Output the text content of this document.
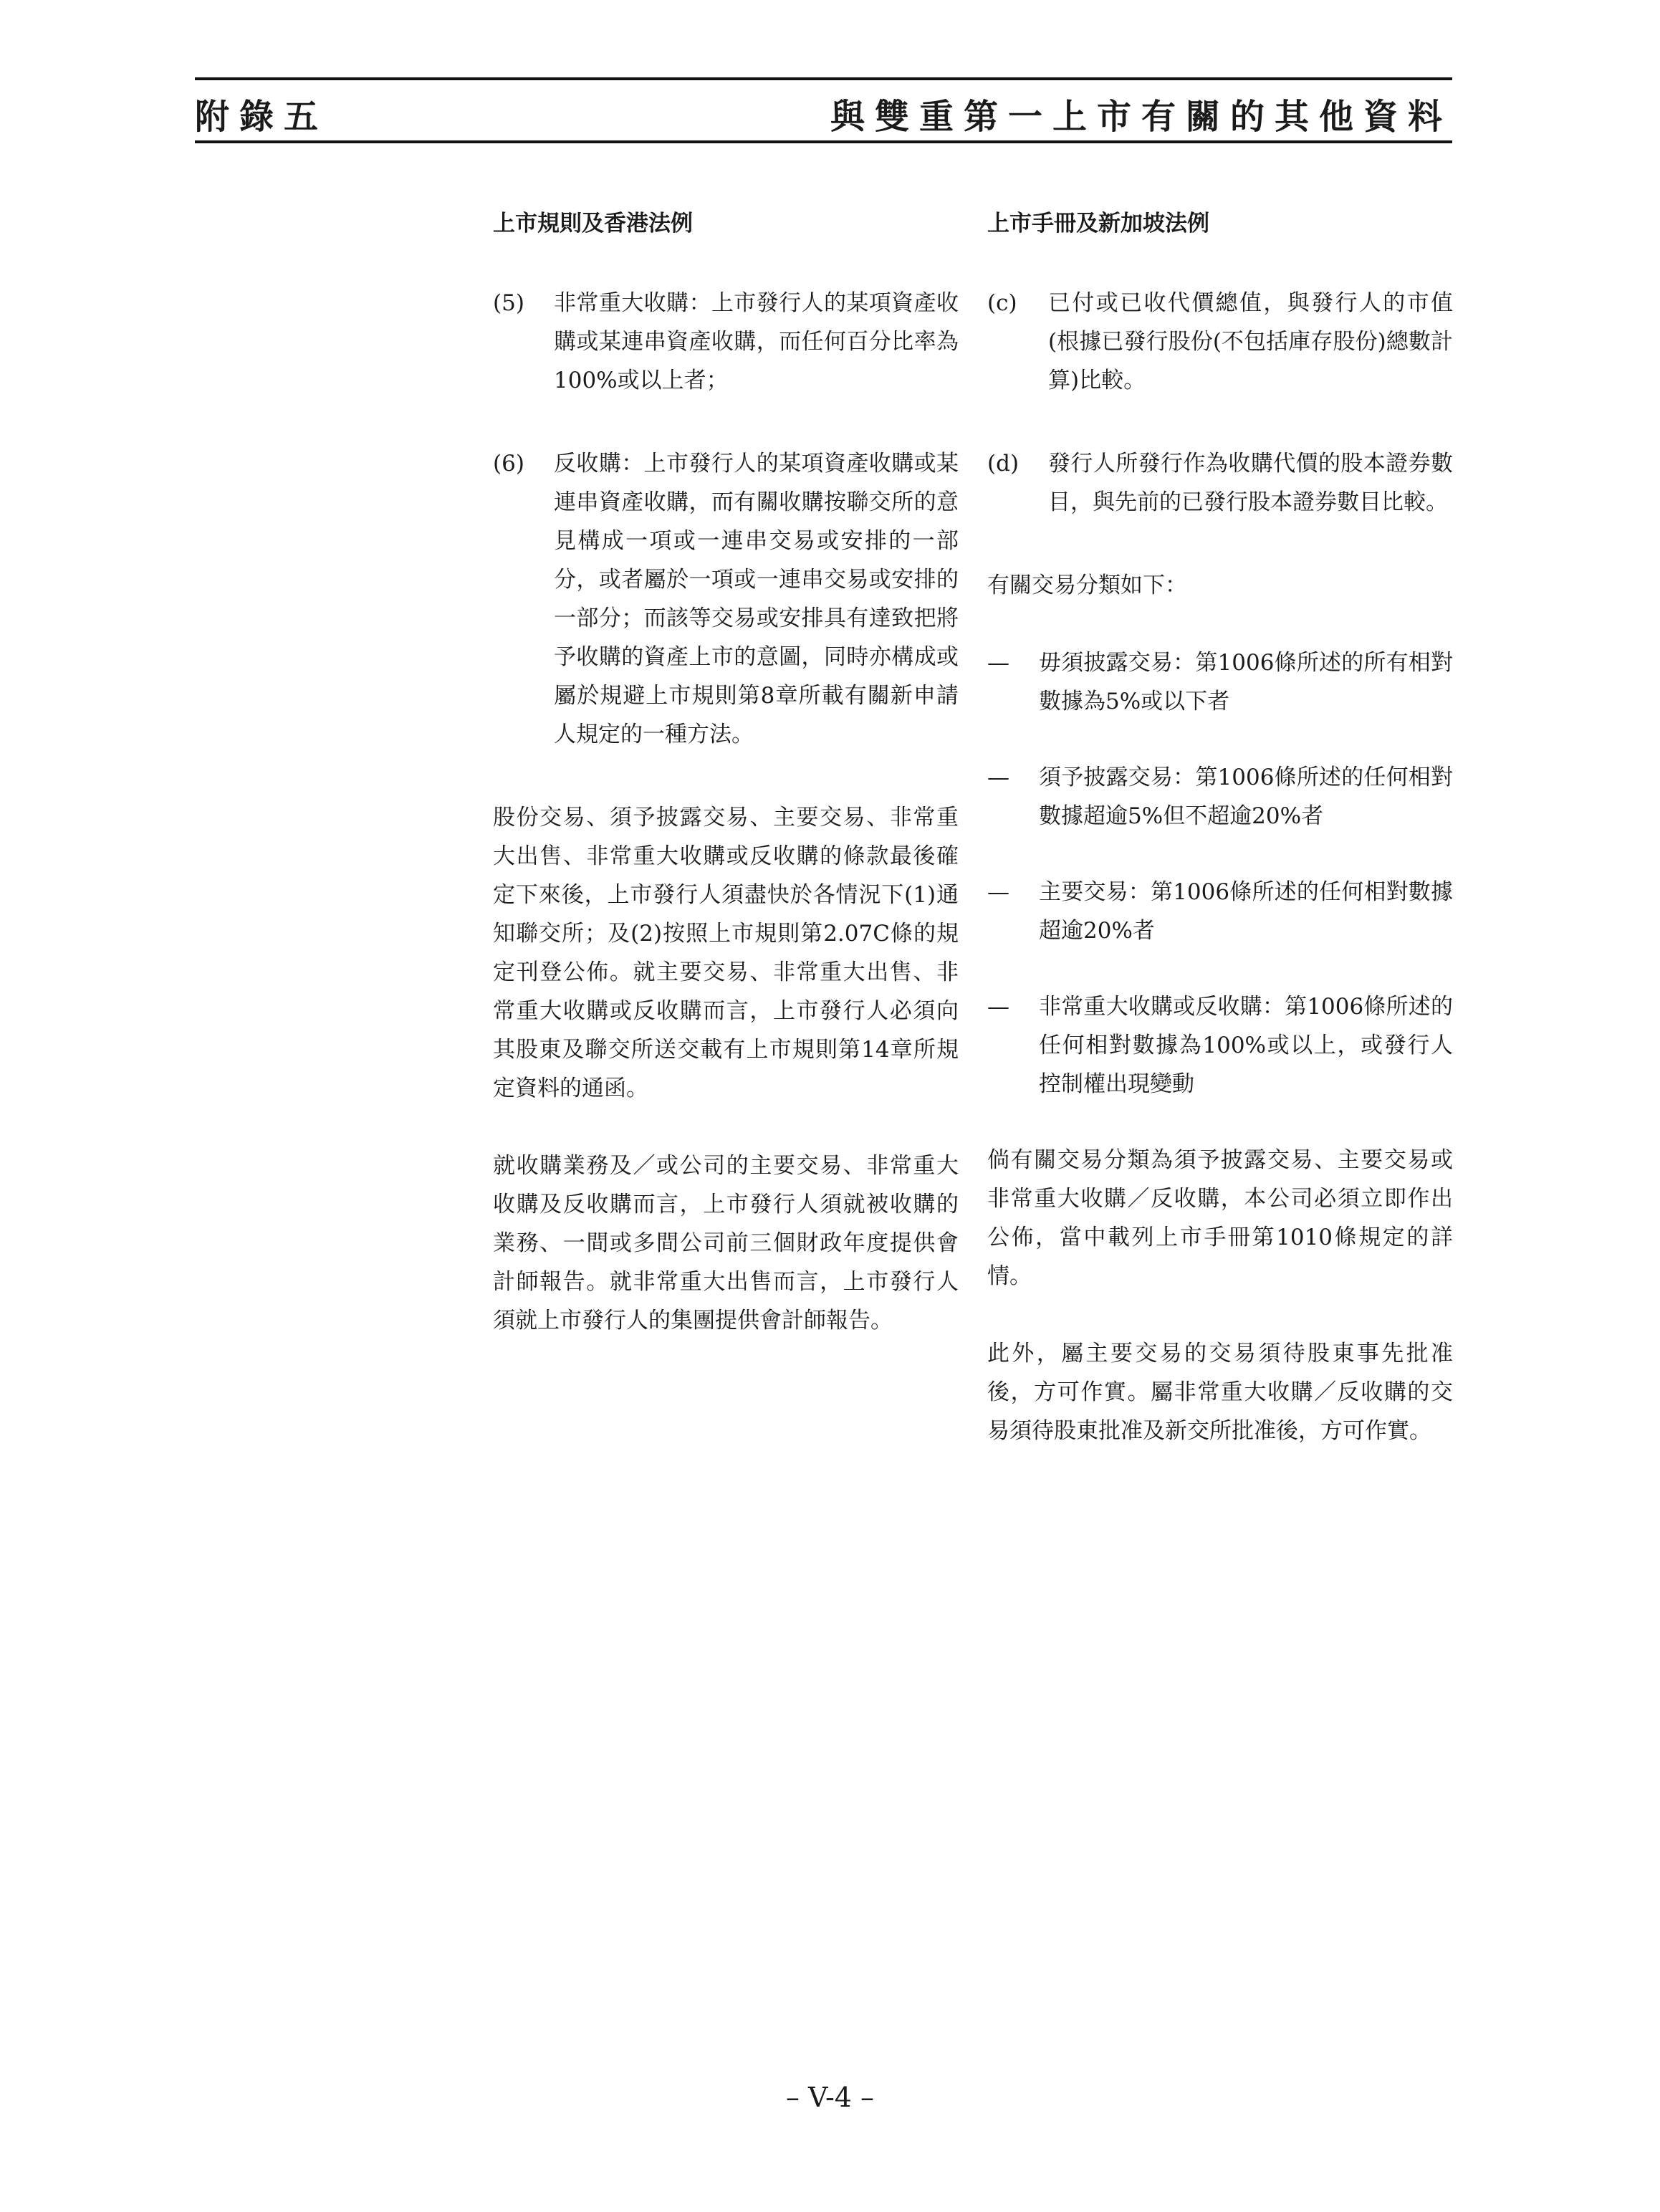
附錄五	與雙重第一上市有關的其他資料
上市規則及香港法例
(5) 非常重大收購：上市發行人的某項資產收購或某連串資產收購，而任何百分比率為100%或以上者；
(6) 反收購：上市發行人的某項資產收購或某連串資產收購，而有關收購按聯交所的意見構成一項或一連串交易或安排的一部分，或者屬於一項或一連串交易或安排的一部分；而該等交易或安排具有達致把將予收購的資產上市的意圖，同時亦構成或屬於規避上市規則第8章所載有關新申請人規定的一種方法。
股份交易、須予披露交易、主要交易、非常重大出售、非常重大收購或反收購的條款最後確定下來後，上市發行人須盡快於各情況下(1)通知聯交所；及(2)按照上市規則第2.07C條的規定刊登公佈。就主要交易、非常重大出售、非常重大收購或反收購而言，上市發行人必須向其股東及聯交所送交載有上市規則第14章所規定資料的通函。
就收購業務及／或公司的主要交易、非常重大收購及反收購而言，上市發行人須就被收購的業務、一間或多間公司前三個財政年度提供會計師報告。就非常重大出售而言，上市發行人須就上市發行人的集團提供會計師報告。
上市手冊及新加坡法例
(c) 已付或已收代價總值，與發行人的市值(根據已發行股份(不包括庫存股份)總數計算)比較。
(d) 發行人所發行作為收購代價的股本證券數目，與先前的已發行股本證券數目比較。
有關交易分類如下：
— 毋須披露交易：第1006條所述的所有相對數據為5%或以下者
— 須予披露交易：第1006條所述的任何相對數據超逾5%但不超逾20%者
— 主要交易：第1006條所述的任何相對數據超逾20%者
— 非常重大收購或反收購：第1006條所述的任何相對數據為100%或以上，或發行人控制權出現變動
倘有關交易分類為須予披露交易、主要交易或非常重大收購／反收購，本公司必須立即作出公佈，當中載列上市手冊第1010條規定的詳情。
此外，屬主要交易的交易須待股東事先批准後，方可作實。屬非常重大收購／反收購的交易須待股東批准及新交所批准後，方可作實。
– V-4 –
